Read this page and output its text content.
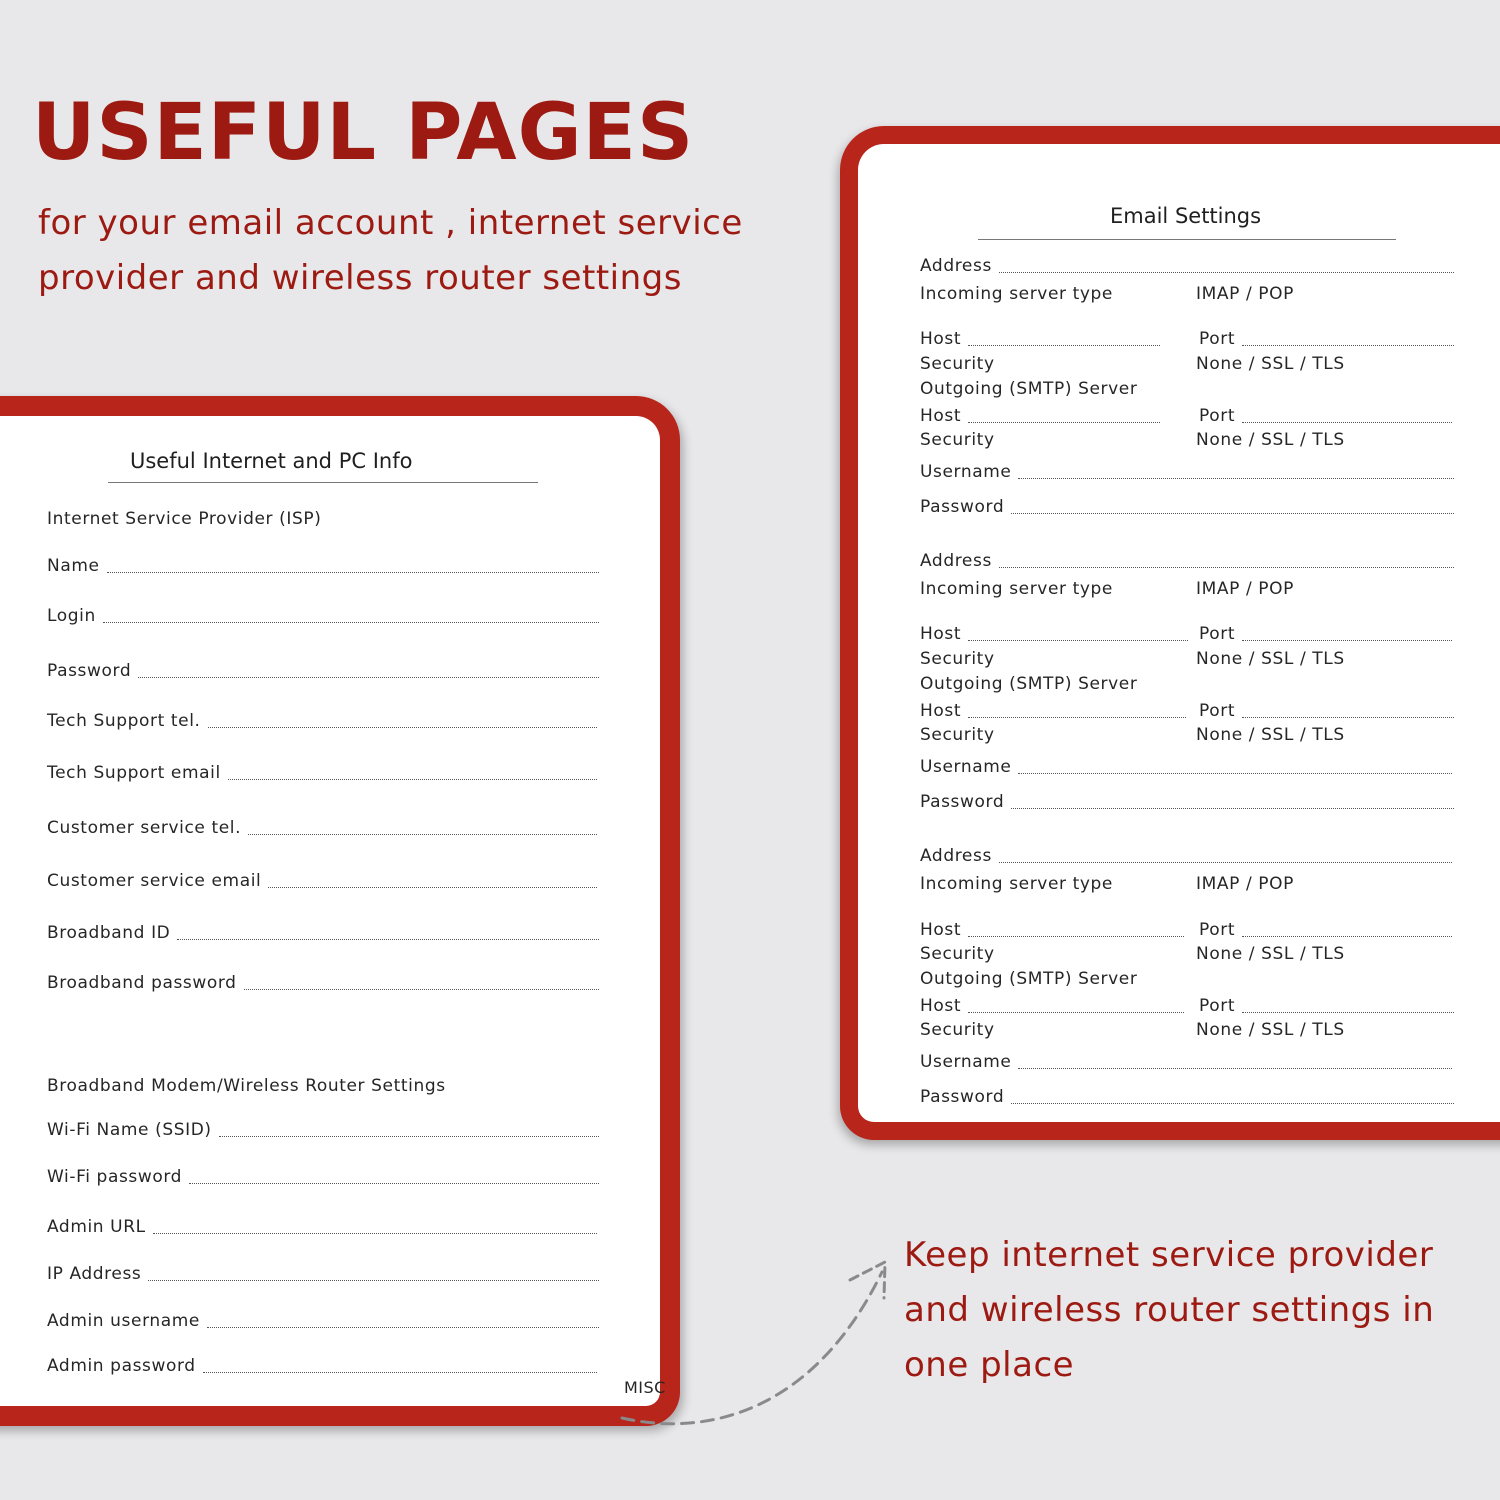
USEFUL PAGES

for your email account , internet service
provider and wireless router settings

Useful Internet and PC Info
Internet Service Provider (ISP)
Name
Login
Password
Tech Support tel.
Tech Support email
Customer service tel.
Customer service email
Broadband ID
Broadband password
Broadband Modem/Wireless Router Settings
Wi-Fi Name (SSID)
Wi-Fi password
Admin URL
IP Address
Admin username
Admin password
MISC
Email Settings
Address
Incoming server type	IMAP / POP
Host	Port
Security	None / SSL / TLS
Outgoing (SMTP) Server
Host	Port
Security	None / SSL / TLS
Username
Password
Address
Incoming server type	IMAP / POP
Host	Port
Security	None / SSL / TLS
Outgoing (SMTP) Server
Host	Port
Security	None / SSL / TLS
Username
Password
Address
Incoming server type	IMAP / POP
Host	Port
Security	None / SSL / TLS
Outgoing (SMTP) Server
Host	Port
Security	None / SSL / TLS
Username
Password

Keep internet service provider
and wireless router settings in
one place
